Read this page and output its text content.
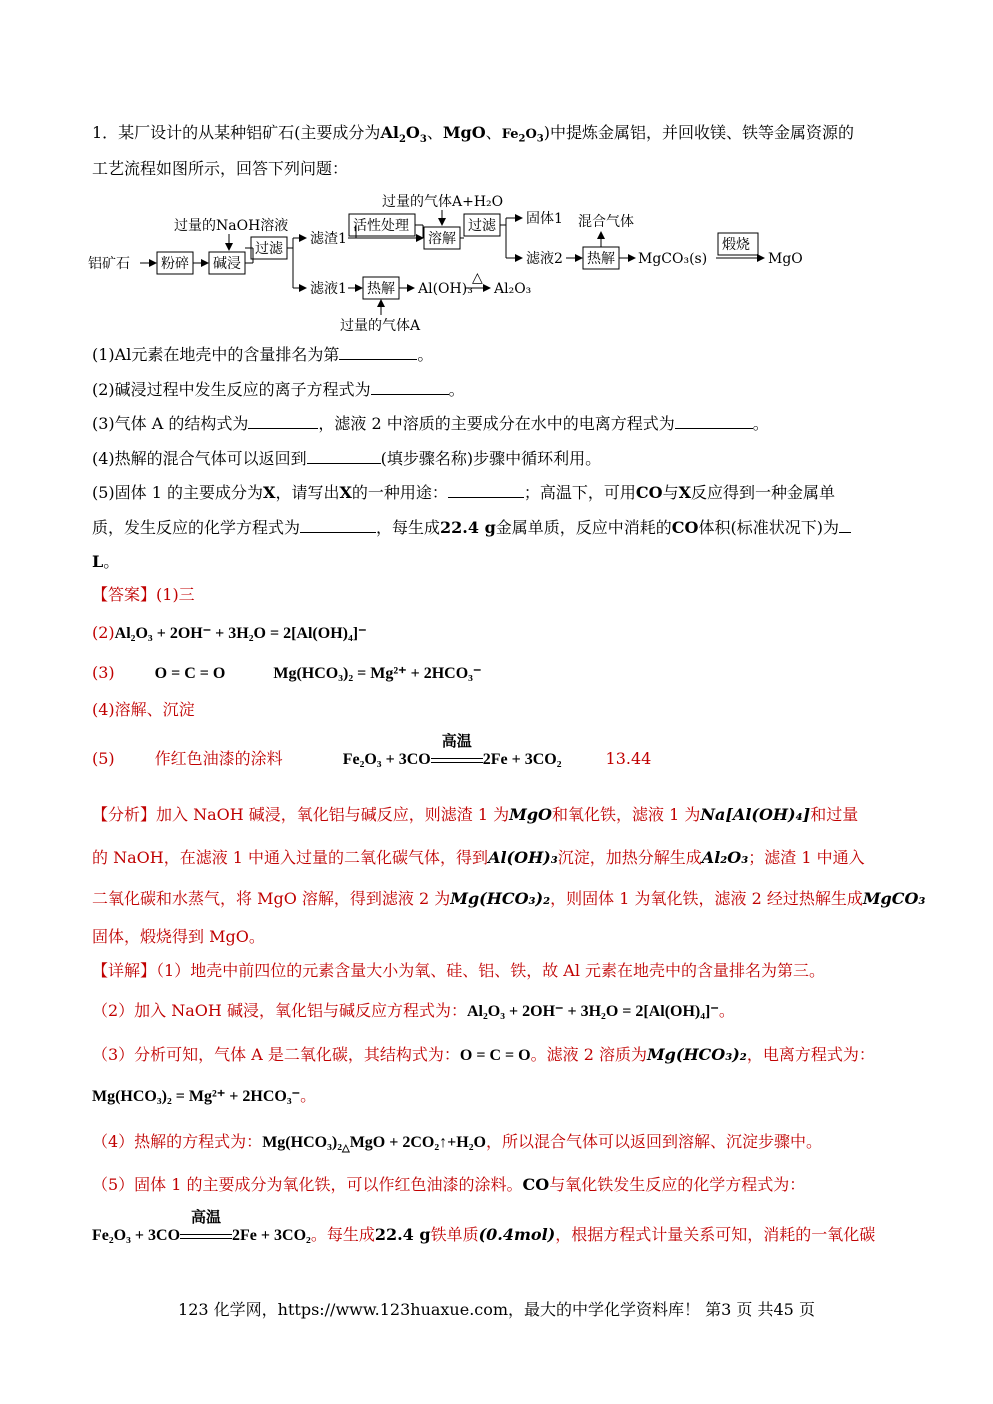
1．某厂设计的从某种铝矿石(主要成分为$Al_2O_3$、MgO、$Fe_2O_3$)中提炼金属铝，并回收镁、铁等金属资源的
工艺流程如图所示，回答下列问题：
铝矿石 粉碎 碱浸
过量的NaOH溶液
过滤
滤渣1
滤液1
活性处理
过量的气体A+H₂O
溶解
过滤 固体1
滤液2
混合气体
热解 MgCO₃(s)
煅烧
MgO
热解 Al(OH)₃
△
Al₂O₃
过量的气体A
(1)Al元素在地壳中的含量排名为第	。
(2)碱浸过程中发生反应的离子方程式为	。
(3)气体 A 的结构式为	，滤液 2 中溶质的主要成分在水中的电离方程式为	。
(4)热解的混合气体可以返回到	(填步骤名称)步骤中循环利用。
(5)固体 1 的主要成分为X，请写出X的一种用途：	；高温下，可用CO与X反应得到一种金属单
质，发生反应的化学方程式为	，每生成22.4 g金属单质，反应中消耗的CO体积(标准状况下)为
L。
【答案】(1)三
(2)Al₂O₃ + 2OH⁻ + 3H₂O = 2[Al(OH)₄]⁻
(3)	O = C = O	Mg(HCO₃)₂ = Mg²⁺ + 2HCO₃⁻
(4)溶解、沉淀
(5)	作红色油漆的涂料	Fe₂O₃ + 3CO
高温
2Fe + 3CO₂	13.44
【分析】加入 NaOH 碱浸，氧化铝与碱反应，则滤渣 1 为MgO和氧化铁，滤液 1 为Na[Al(OH)₄]和过量
的 NaOH，在滤液 1 中通入过量的二氧化碳气体，得到Al(OH)₃沉淀，加热分解生成Al₂O₃；滤渣 1 中通入
二氧化碳和水蒸气，将 MgO 溶解，得到滤液 2 为Mg(HCO₃)₂，则固体 1 为氧化铁，滤液 2 经过热解生成MgCO₃
固体，煅烧得到 MgO。
【详解】（1）地壳中前四位的元素含量大小为氧、硅、铝、铁，故 Al 元素在地壳中的含量排名为第三。
（2）加入 NaOH 碱浸，氧化铝与碱反应方程式为：Al₂O₃ + 2OH⁻ + 3H₂O = 2[Al(OH)₄]⁻。
（3）分析可知，气体 A 是二氧化碳，其结构式为：O = C = O。滤液 2 溶质为Mg(HCO₃)₂，电离方程式为：
Mg(HCO₃)₂ = Mg²⁺ + 2HCO₃⁻。
（4）热解的方程式为：$Mg(HCO_3)_2_\triangle MgO$ + 2CO₂↑+H₂O，所以混合气体可以返回到溶解、沉淀步骤中。
（5）固体 1 的主要成分为氧化铁，可以作红色油漆的涂料。CO与氧化铁发生反应的化学方程式为：
Fe₂O₃ + 3CO
高温
2Fe + 3CO₂。每生成22.4 g铁单质(0.4mol)，根据方程式计量关系可知，消耗的一氧化碳
123 化学网，https://www.123huaxue.com，最大的中学化学资料库！ 第3 页 共45 页
